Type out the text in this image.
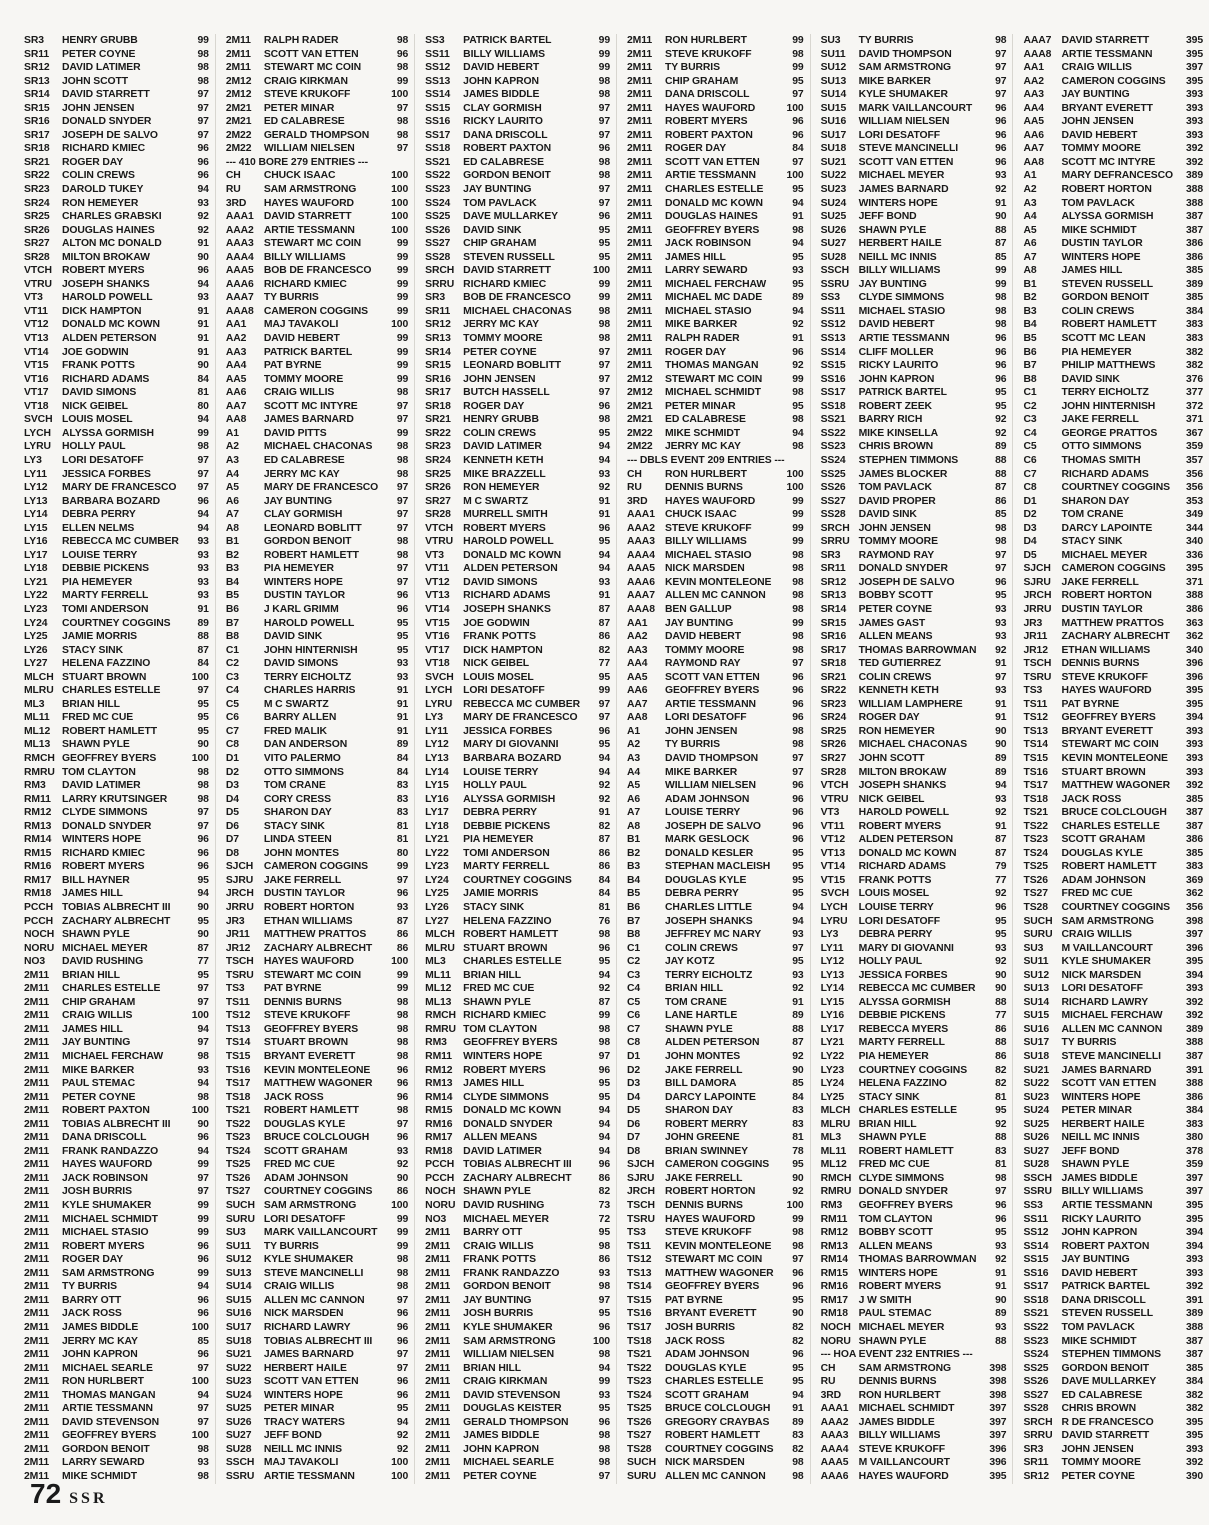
SR3	HENRY GRUBB	99
SR11	PETER COYNE	98
SR12	DAVID LATIMER	98
SR13	JOHN SCOTT	98
SR14	DAVID STARRETT	97
SR15	JOHN JENSEN	97
SR16	DONALD SNYDER	97
SR17	JOSEPH DE SALVO	97
SR18	RICHARD KMIEC	96
SR21	ROGER DAY	96
SR22	COLIN CREWS	96
SR23	DAROLD TUKEY	94
SR24	RON HEMEYER	93
SR25	CHARLES GRABSKI	92
SR26	DOUGLAS HAINES	92
SR27	ALTON MC DONALD	91
SR28	MILTON BROKAW	90
VTCH ROBERT MYERS	96
VTRU JOSEPH SHANKS	94
VT3	HAROLD POWELL	93
VT11	DICK HAMPTON	91
VT12	DONALD MC KOWN	91
VT13	ALDEN PETERSON	91
VT14	JOE GODWIN	91
VT15	FRANK POTTS	90
VT16	RICHARD ADAMS	84
VT17	DAVID SIMONS	81
VT18	NICK GEIBEL	80
SVCH LOUIS MOSEL	94
LYCH	ALYSSA GORMISH	99
LYRU	HOLLY PAUL	98
LY3	LORI DESATOFF	97
LY11	JESSICA FORBES	97
LY12	MARY DE FRANCESCO	97
LY13	BARBARA BOZARD	96
LY14	DEBRA PERRY	94
LY15	ELLEN NELMS	94
LY16	REBECCA MC CUMBER	93
LY17	LOUISE TERRY	93
LY18	DEBBIE PICKENS	93
LY21	PIA HEMEYER	93
LY22	MARTY FERRELL	93
LY23	TOMI ANDERSON	91
LY24	COURTNEY COGGINS	89
LY25	JAMIE MORRIS	88
LY26	STACY SINK	87
LY27	HELENA FAZZINO	84
MLCH STUART BROWN	100
MLRU CHARLES ESTELLE	97
ML3	BRIAN HILL	95
ML11	FRED MC CUE	95
ML12	ROBERT HAMLETT	95
ML13	SHAWN PYLE	90
RMCH GEOFFREY BYERS	100
RMRU TOM CLAYTON	98
RM3	DAVID LATIMER	98
RM11	LARRY KRUTSINGER	98
RM12	CLYDE SIMMONS	97
RM13	DONALD SNYDER	97
RM14	WINTERS HOPE	96
RM15	RICHARD KMIEC	96
RM16	ROBERT MYERS	96
RM17	BILL HAYNER	95
RM18	JAMES HILL	94
PCCH TOBIAS ALBRECHT III	90
PCCH ZACHARY ALBRECHT	95
NOCH SHAWN PYLE	90
NORU MICHAEL MEYER	87
NO3	DAVID RUSHING	77
2M11	BRIAN HILL	95
2M11	CHARLES ESTELLE	97
2M11	CHIP GRAHAM	97
2M11	CRAIG WILLIS	100
2M11	JAMES HILL	94
2M11	JAY BUNTING	97
2M11	MICHAEL FERCHAW	98
2M11	MIKE BARKER	93
2M11	PAUL STEMAC	94
2M11	PETER COYNE	98
2M11	ROBERT PAXTON	100
2M11	TOBIAS ALBRECHT III	90
2M11	DANA DRISCOLL	96
2M11	FRANK RANDAZZO	94
2M11	HAYES WAUFORD	99
2M11	JACK ROBINSON	97
2M11	JOSH BURRIS	97
2M11	KYLE SHUMAKER	99
2M11	MICHAEL SCHMIDT	99
2M11	MICHAEL STASIO	99
2M11	ROBERT MYERS	96
2M11	ROGER DAY	96
2M11	SAM ARMSTRONG	99
2M11	TY BURRIS	94
2M11	BARRY OTT	96
2M11	JACK ROSS	96
2M11	JAMES BIDDLE	100
2M11	JERRY MC KAY	85
2M11	JOHN KAPRON	96
2M11	MICHAEL SEARLE	97
2M11	RON HURLBERT	100
2M11	THOMAS MANGAN	94
2M11	ARTIE TESSMANN	97
2M11	DAVID STEVENSON	97
2M11	GEOFFREY BYERS	100
2M11	GORDON BENOIT	98
2M11	LARRY SEWARD	93
2M11	MIKE SCHMIDT	98
2M11	RALPH RADER	98
2M11	SCOTT VAN ETTEN	96
2M11	STEWART MC COIN	98
2M12	CRAIG KIRKMAN	99
2M12	STEVE KRUKOFF	100
2M21	PETER MINAR	97
2M21	ED CALABRESE	98
2M22	GERALD THOMPSON	98
2M22	WILLIAM NIELSEN	97
--- 410 BORE 279 ENTRIES ---
CH	CHUCK ISAAC	100
RU	SAM ARMSTRONG	100
3RD	HAYES WAUFORD	100
AAA1 DAVID STARRETT	100
AAA2 ARTIE TESSMANN	100
AAA3 STEWART MC COIN	99
AAA4 BILLY WILLIAMS	99
AAA5 BOB DE FRANCESCO	99
AAA6 RICHARD KMIEC	99
AAA7 TY BURRIS	99
AAA8 CAMERON COGGINS	99
AA1	MAJ TAVAKOLI	100
AA2	DAVID HEBERT	99
AA3	PATRICK BARTEL	99
AA4	PAT BYRNE	99
AA5	TOMMY MOORE	99
AA6	CRAIG WILLIS	98
AA7	SCOTT MC INTYRE	97
AA8	JAMES BARNARD	97
A1	DAVID PITTS	99
A2	MICHAEL CHACONAS	98
A3	ED CALABRESE	98
A4	JERRY MC KAY	98
A5	MARY DE FRANCESCO	97
A6	JAY BUNTING	97
A7	CLAY GORMISH	97
A8	LEONARD BOBLITT	97
B1	GORDON BENOIT	98
B2	ROBERT HAMLETT	98
B3	PIA HEMEYER	97
B4	WINTERS HOPE	97
B5	DUSTIN TAYLOR	96
B6	J KARL GRIMM	96
B7	HAROLD POWELL	95
B8	DAVID SINK	95
C1	JOHN HINTERNISH	95
C2	DAVID SIMONS	93
C3	TERRY EICHOLTZ	93
C4	CHARLES HARRIS	91
C5	M C SWARTZ	91
C6	BARRY ALLEN	91
C7	FRED MALIK	91
C8	DAN ANDERSON	89
D1	VITO PALERMO	84
D2	OTTO SIMMONS	84
D3	TOM CRANE	83
D4	CORY CRESS	83
D5	SHARON DAY	83
D6	STACY SINK	81
D7	LINDA STEEN	81
D8	JOHN MONTES	80
SJCH	CAMERON COGGINS	99
SJRU	JAKE FERRELL	97
JRCH DUSTIN TAYLOR	96
JRRU ROBERT HORTON	93
JR3	ETHAN WILLIAMS	87
JR11	MATTHEW PRATTOS	86
JR12	ZACHARY ALBRECHT	86
TSCH HAYES WAUFORD	100
TSRU STEWART MC COIN	99
TS3	PAT BYRNE	99
TS11	DENNIS BURNS	98
TS12	STEVE KRUKOFF	98
TS13	GEOFFREY BYERS	98
TS14	STUART BROWN	98
TS15	BRYANT EVERETT	98
TS16	KEVIN MONTELEONE	96
TS17	MATTHEW WAGONER	96
TS18	JACK ROSS	96
TS21	ROBERT HAMLETT	98
TS22	DOUGLAS KYLE	97
TS23	BRUCE COLCLOUGH	96
TS24	SCOTT GRAHAM	93
TS25	FRED MC CUE	92
TS26	ADAM JOHNSON	90
TS27	COURTNEY COGGINS	86
SUCH SAM ARMSTRONG	100
SURU LORI DESATOFF	99
SU3	MARK VAILLANCOURT	99
SU11	TY BURRIS	99
SU12	KYLE SHUMAKER	98
SU13	STEVE MANCINELLI	98
SU14	CRAIG WILLIS	98
SU15	ALLEN MC CANNON	97
SU16	NICK MARSDEN	96
SU17	RICHARD LAWRY	96
SU18	TOBIAS ALBRECHT III	96
SU21	JAMES BARNARD	97
SU22	HERBERT HAILE	97
SU23	SCOTT VAN ETTEN	96
SU24	WINTERS HOPE	96
SU25	PETER MINAR	95
SU26	TRACY WATERS	94
SU27	JEFF BOND	92
SU28	NEILL MC INNIS	92
SSCH MAJ TAVAKOLI	100
SSRU ARTIE TESSMANN	100
SS3	PATRICK BARTEL	99
SS11	BILLY WILLIAMS	99
SS12	DAVID HEBERT	99
SS13	JOHN KAPRON	98
SS14	JAMES BIDDLE	98
SS15	CLAY GORMISH	97
SS16	RICKY LAURITO	97
SS17	DANA DRISCOLL	97
SS18	ROBERT PAXTON	96
SS21	ED CALABRESE	98
SS22	GORDON BENOIT	98
SS23	JAY BUNTING	97
SS24	TOM PAVLACK	97
SS25	DAVE MULLARKEY	96
SS26	DAVID SINK	95
SS27	CHIP GRAHAM	95
SS28	STEVEN RUSSELL	95
SRCH DAVID STARRETT	100
SRRU RICHARD KMIEC	99
SR3	BOB DE FRANCESCO	99
SR11	MICHAEL CHACONAS	98
SR12	JERRY MC KAY	98
SR13	TOMMY MOORE	98
SR14	PETER COYNE	97
SR15	LEONARD BOBLITT	97
SR16	JOHN JENSEN	97
SR17	BUTCH HASSELL	97
SR18	ROGER DAY	96
SR21	HENRY GRUBB	98
SR22	COLIN CREWS	95
SR23	DAVID LATIMER	94
SR24	KENNETH KETH	94
SR25	MIKE BRAZZELL	93
SR26	RON HEMEYER	92
SR27	M C SWARTZ	91
SR28	MURRELL SMITH	91
VTCH ROBERT MYERS	96
VTRU HAROLD POWELL	95
VT3	DONALD MC KOWN	94
VT11	ALDEN PETERSON	94
VT12	DAVID SIMONS	93
VT13	RICHARD ADAMS	91
VT14	JOSEPH SHANKS	87
VT15	JOE GODWIN	87
VT16	FRANK POTTS	86
VT17	DICK HAMPTON	82
VT18	NICK GEIBEL	77
SVCH LOUIS MOSEL	95
LYCH	LORI DESATOFF	99
LYRU	REBECCA MC CUMBER	97
LY3	MARY DE FRANCESCO	97
LY11	JESSICA FORBES	96
LY12	MARY DI GIOVANNI	95
LY13	BARBARA BOZARD	94
LY14	LOUISE TERRY	94
LY15	HOLLY PAUL	92
LY16	ALYSSA GORMISH	92
LY17	DEBRA PERRY	91
LY18	DEBBIE PICKENS	82
LY21	PIA HEMEYER	87
LY22	TOMI ANDERSON	86
LY23	MARTY FERRELL	86
LY24	COURTNEY COGGINS	84
LY25	JAMIE MORRIS	84
LY26	STACY SINK	81
LY27	HELENA FAZZINO	76
MLCH ROBERT HAMLETT	98
MLRU STUART BROWN	96
ML3	CHARLES ESTELLE	95
ML11	BRIAN HILL	94
ML12	FRED MC CUE	92
ML13	SHAWN PYLE	87
RMCH RICHARD KMIEC	99
RMRU TOM CLAYTON	98
RM3	GEOFFREY BYERS	98
RM11	WINTERS HOPE	97
RM12	ROBERT MYERS	96
RM13	JAMES HILL	95
RM14	CLYDE SIMMONS	95
RM15	DONALD MC KOWN	94
RM16	DONALD SNYDER	94
RM17	ALLEN MEANS	94
RM18	DAVID LATIMER	94
PCCH TOBIAS ALBRECHT III	96
PCCH ZACHARY ALBRECHT	86
NOCH SHAWN PYLE	82
NORU DAVID RUSHING	73
NO3	MICHAEL MEYER	72
2M11	BARRY OTT	95
2M11	CRAIG WILLIS	98
2M11	FRANK POTTS	86
2M11	FRANK RANDAZZO	93
2M11	GORDON BENOIT	98
2M11	JAY BUNTING	97
2M11	JOSH BURRIS	95
2M11	KYLE SHUMAKER	96
2M11	SAM ARMSTRONG	100
2M11	WILLIAM NIELSEN	98
2M11	BRIAN HILL	94
2M11	CRAIG KIRKMAN	99
2M11	DAVID STEVENSON	93
2M11	DOUGLAS KEISTER	95
2M11	GERALD THOMPSON	96
2M11	JAMES BIDDLE	98
2M11	JOHN KAPRON	98
2M11	MICHAEL SEARLE	98
2M11	PETER COYNE	97
2M11	RON HURLBERT	99
2M11	STEVE KRUKOFF	98
2M11	TY BURRIS	99
2M11	CHIP GRAHAM	95
2M11	DANA DRISCOLL	97
2M11	HAYES WAUFORD	100
2M11	ROBERT MYERS	96
2M11	ROBERT PAXTON	96
2M11	ROGER DAY	84
2M11	SCOTT VAN ETTEN	97
2M11	ARTIE TESSMANN	100
2M11	CHARLES ESTELLE	95
2M11	DONALD MC KOWN	94
2M11	DOUGLAS HAINES	91
2M11	GEOFFREY BYERS	98
2M11	JACK ROBINSON	94
2M11	JAMES HILL	95
2M11	LARRY SEWARD	93
2M11	MICHAEL FERCHAW	95
2M11	MICHAEL MC DADE	89
2M11	MICHAEL STASIO	94
2M11	MIKE BARKER	92
2M11	RALPH RADER	91
2M11	ROGER DAY	96
2M11	THOMAS MANGAN	92
2M12	STEWART MC COIN	99
2M12	MICHAEL SCHMIDT	98
2M21	PETER MINAR	95
2M21	ED CALABRESE	98
2M22	MIKE SCHMIDT	94
2M22	JERRY MC KAY	98
--- DBLS EVENT 209 ENTRIES ---
CH	RON HURLBERT	100
RU	DENNIS BURNS	100
3RD	HAYES WAUFORD	99
AAA1 CHUCK ISAAC	99
AAA2 STEVE KRUKOFF	99
AAA3 BILLY WILLIAMS	99
AAA4 MICHAEL STASIO	98
AAA5 NICK MARSDEN	98
AAA6 KEVIN MONTELEONE	98
AAA7 ALLEN MC CANNON	98
AAA8 BEN GALLUP	98
AA1	JAY BUNTING	99
AA2	DAVID HEBERT	98
AA3	TOMMY MOORE	98
AA4	RAYMOND RAY	97
AA5	SCOTT VAN ETTEN	96
AA6	GEOFFREY BYERS	96
AA7	ARTIE TESSMANN	96
AA8	LORI DESATOFF	96
A1	JOHN JENSEN	98
A2	TY BURRIS	98
A3	DAVID THOMPSON	97
A4	MIKE BARKER	97
A5	WILLIAM NIELSEN	96
A6	ADAM JOHNSON	96
A7	LOUISE TERRY	96
A8	JOSEPH DE SALVO	96
B1	MARK GESLOCK	96
B2	DONALD KESLER	95
B3	STEPHAN MACLEISH	95
B4	DOUGLAS KYLE	95
B5	DEBRA PERRY	95
B6	CHARLES LITTLE	94
B7	JOSEPH SHANKS	94
B8	JEFFREY MC NARY	93
C1	COLIN CREWS	97
C2	JAY KOTZ	95
C3	TERRY EICHOLTZ	93
C4	BRIAN HILL	92
C5	TOM CRANE	91
C6	LANE HARTLE	89
C7	SHAWN PYLE	88
C8	ALDEN PETERSON	87
D1	JOHN MONTES	92
D2	JAKE FERRELL	90
D3	BILL DAMORA	85
D4	DARCY LAPOINTE	84
D5	SHARON DAY	83
D6	ROBERT MERRY	83
D7	JOHN GREENE	81
D8	BRIAN SWINNEY	78
SJCH	CAMERON COGGINS	95
SJRU	JAKE FERRELL	90
JRCH ROBERT HORTON	92
TSCH DENNIS BURNS	100
TSRU HAYES WAUFORD	99
TS3	STEVE KRUKOFF	98
TS11	KEVIN MONTELEONE	98
TS12	STEWART MC COIN	97
TS13	MATTHEW WAGONER	96
TS14	GEOFFREY BYERS	96
TS15	PAT BYRNE	95
TS16	BRYANT EVERETT	90
TS17	JOSH BURRIS	82
TS18	JACK ROSS	82
TS21	ADAM JOHNSON	96
TS22	DOUGLAS KYLE	95
TS23	CHARLES ESTELLE	95
TS24	SCOTT GRAHAM	94
TS25	BRUCE COLCLOUGH	91
TS26	GREGORY CRAYBAS	89
TS27	ROBERT HAMLETT	83
TS28	COURTNEY COGGINS	82
SUCH NICK MARSDEN	98
SURU ALLEN MC CANNON	98
SU3	TY BURRIS	98
SU11	DAVID THOMPSON	97
SU12	SAM ARMSTRONG	97
SU13	MIKE BARKER	97
SU14	KYLE SHUMAKER	97
SU15	MARK VAILLANCOURT	96
SU16	WILLIAM NIELSEN	96
SU17	LORI DESATOFF	96
SU18	STEVE MANCINELLI	96
SU21	SCOTT VAN ETTEN	96
SU22	MICHAEL MEYER	93
SU23	JAMES BARNARD	92
SU24	WINTERS HOPE	91
SU25	JEFF BOND	90
SU26	SHAWN PYLE	88
SU27	HERBERT HAILE	87
SU28	NEILL MC INNIS	85
SSCH BILLY WILLIAMS	99
SSRU JAY BUNTING	99
SS3	CLYDE SIMMONS	98
SS11	MICHAEL STASIO	98
SS12	DAVID HEBERT	98
SS13	ARTIE TESSMANN	96
SS14	CLIFF MOLLER	96
SS15	RICKY LAURITO	96
SS16	JOHN KAPRON	96
SS17	PATRICK BARTEL	95
SS18	ROBERT ZEEK	95
SS21	BARRY RICH	92
SS22	MIKE KINSELLA	92
SS23	CHRIS BROWN	89
SS24	STEPHEN TIMMONS	88
SS25	JAMES BLOCKER	88
SS26	TOM PAVLACK	87
SS27	DAVID PROPER	86
SS28	DAVID SINK	85
SRCH JOHN JENSEN	98
SRRU TOMMY MOORE	98
SR3	RAYMOND RAY	97
SR11	DONALD SNYDER	97
SR12	JOSEPH DE SALVO	96
SR13	BOBBY SCOTT	95
SR14	PETER COYNE	93
SR15	JAMES GAST	93
SR16	ALLEN MEANS	93
SR17	THOMAS BARROWMAN	92
SR18	TED GUTIERREZ	91
SR21	COLIN CREWS	97
SR22	KENNETH KETH	93
SR23	WILLIAM LAMPHERE	91
SR24	ROGER DAY	91
SR25	RON HEMEYER	90
SR26	MICHAEL CHACONAS	90
SR27	JOHN SCOTT	89
SR28	MILTON BROKAW	89
VTCH JOSEPH SHANKS	94
VTRU NICK GEIBEL	93
VT3	HAROLD POWELL	92
VT11	ROBERT MYERS	91
VT12	ALDEN PETERSON	87
VT13	DONALD MC KOWN	87
VT14	RICHARD ADAMS	79
VT15	FRANK POTTS	77
SVCH LOUIS MOSEL	92
LYCH	LOUISE TERRY	96
LYRU	LORI DESATOFF	95
LY3	DEBRA PERRY	95
LY11	MARY DI GIOVANNI	93
LY12	HOLLY PAUL	92
LY13	JESSICA FORBES	90
LY14	REBECCA MC CUMBER	90
LY15	ALYSSA GORMISH	88
LY16	DEBBIE PICKENS	77
LY17	REBECCA MYERS	86
LY21	MARTY FERRELL	88
LY22	PIA HEMEYER	86
LY23	COURTNEY COGGINS	82
LY24	HELENA FAZZINO	82
LY25	STACY SINK	81
MLCH CHARLES ESTELLE	95
MLRU BRIAN HILL	92
ML3	SHAWN PYLE	88
ML11	ROBERT HAMLETT	83
ML12	FRED MC CUE	81
RMCH CLYDE SIMMONS	98
RMRU DONALD SNYDER	97
RM3	GEOFFREY BYERS	96
RM11	TOM CLAYTON	96
RM12	BOBBY SCOTT	95
RM13	ALLEN MEANS	93
RM14	THOMAS BARROWMAN	92
RM15	WINTERS HOPE	91
RM16	ROBERT MYERS	91
RM17	J W SMITH	90
RM18	PAUL STEMAC	89
NOCH MICHAEL MEYER	93
NORU SHAWN PYLE	88
--- HOA EVENT 232 ENTRIES ---
CH	SAM ARMSTRONG	398
RU	DENNIS BURNS	398
3RD	RON HURLBERT	398
AAA1 MICHAEL SCHMIDT	397
AAA2 JAMES BIDDLE	397
AAA3 BILLY WILLIAMS	397
AAA4 STEVE KRUKOFF	396
AAA5 M VAILLANCOURT	396
AAA6 HAYES WAUFORD	395
AAA7 DAVID STARRETT	395
AAA8 ARTIE TESSMANN	395
AA1	CRAIG WILLIS	397
AA2	CAMERON COGGINS	395
AA3	JAY BUNTING	393
AA4	BRYANT EVERETT	393
AA5	JOHN JENSEN	393
AA6	DAVID HEBERT	393
AA7	TOMMY MOORE	392
AA8	SCOTT MC INTYRE	392
A1	MARY DEFRANCESCO	389
A2	ROBERT HORTON	388
A3	TOM PAVLACK	388
A4	ALYSSA GORMISH	387
A5	MIKE SCHMIDT	387
A6	DUSTIN TAYLOR	386
A7	WINTERS HOPE	386
A8	JAMES HILL	385
B1	STEVEN RUSSELL	389
B2	GORDON BENOIT	385
B3	COLIN CREWS	384
B4	ROBERT HAMLETT	383
B5	SCOTT MC LEAN	383
B6	PIA HEMEYER	382
B7	PHILIP MATTHEWS	382
B8	DAVID SINK	376
C1	TERRY EICHOLTZ	377
C2	JOHN HINTERNISH	372
C3	JAKE FERRELL	371
C4	GEORGE PRATTOS	367
C5	OTTO SIMMONS	359
C6	THOMAS SMITH	357
C7	RICHARD ADAMS	356
C8	COURTNEY COGGINS	356
D1	SHARON DAY	353
D2	TOM CRANE	349
D3	DARCY LAPOINTE	344
D4	STACY SINK	340
D5	MICHAEL MEYER	336
SJCH	CAMERON COGGINS	395
SJRU	JAKE FERRELL	371
JRCH ROBERT HORTON	388
JRRU DUSTIN TAYLOR	386
JR3	MATTHEW PRATTOS	363
JR11	ZACHARY ALBRECHT	362
JR12	ETHAN WILLIAMS	340
TSCH DENNIS BURNS	396
TSRU STEVE KRUKOFF	396
TS3	HAYES WAUFORD	395
TS11	PAT BYRNE	395
TS12	GEOFFREY BYERS	394
TS13	BRYANT EVERETT	393
TS14	STEWART MC COIN	393
TS15	KEVIN MONTELEONE	393
TS16	STUART BROWN	393
TS17	MATTHEW WAGONER	392
TS18	JACK ROSS	385
TS21	BRUCE COLCLOUGH	387
TS22	CHARLES ESTELLE	387
TS23	SCOTT GRAHAM	386
TS24	DOUGLAS KYLE	385
TS25	ROBERT HAMLETT	383
TS26	ADAM JOHNSON	369
TS27	FRED MC CUE	362
TS28	COURTNEY COGGINS	356
SUCH SAM ARMSTRONG	398
SURU CRAIG WILLIS	397
SU3	M VAILLANCOURT	396
SU11	KYLE SHUMAKER	395
SU12	NICK MARSDEN	394
SU13	LORI DESATOFF	393
SU14	RICHARD LAWRY	392
SU15	MICHAEL FERCHAW	392
SU16	ALLEN MC CANNON	389
SU17	TY BURRIS	388
SU18	STEVE MANCINELLI	387
SU21	JAMES BARNARD	391
SU22	SCOTT VAN ETTEN	388
SU23	WINTERS HOPE	386
SU24	PETER MINAR	384
SU25	HERBERT HAILE	383
SU26	NEILL MC INNIS	380
SU27	JEFF BOND	378
SU28	SHAWN PYLE	359
SSCH JAMES BIDDLE	397
SSRU BILLY WILLIAMS	397
SS3	ARTIE TESSMANN	395
SS11	RICKY LAURITO	395
SS12	JOHN KAPRON	394
SS14	ROBERT PAXTON	394
SS15	JAY BUNTING	393
SS16	DAVID HEBERT	393
SS17	PATRICK BARTEL	392
SS18	DANA DRISCOLL	391
SS21	STEVEN RUSSELL	389
SS22	TOM PAVLACK	388
SS23	MIKE SCHMIDT	387
SS24	STEPHEN TIMMONS	387
SS25	GORDON BENOIT	385
SS26	DAVE MULLARKEY	384
SS27	ED CALABRESE	382
SS28	CHRIS BROWN	382
SRCH R DE FRANCESCO	395
SRRU DAVID STARRETT	395
SR3	JOHN JENSEN	393
SR11	TOMMY MOORE	392
SR12	PETER COYNE	390
72 SSR
